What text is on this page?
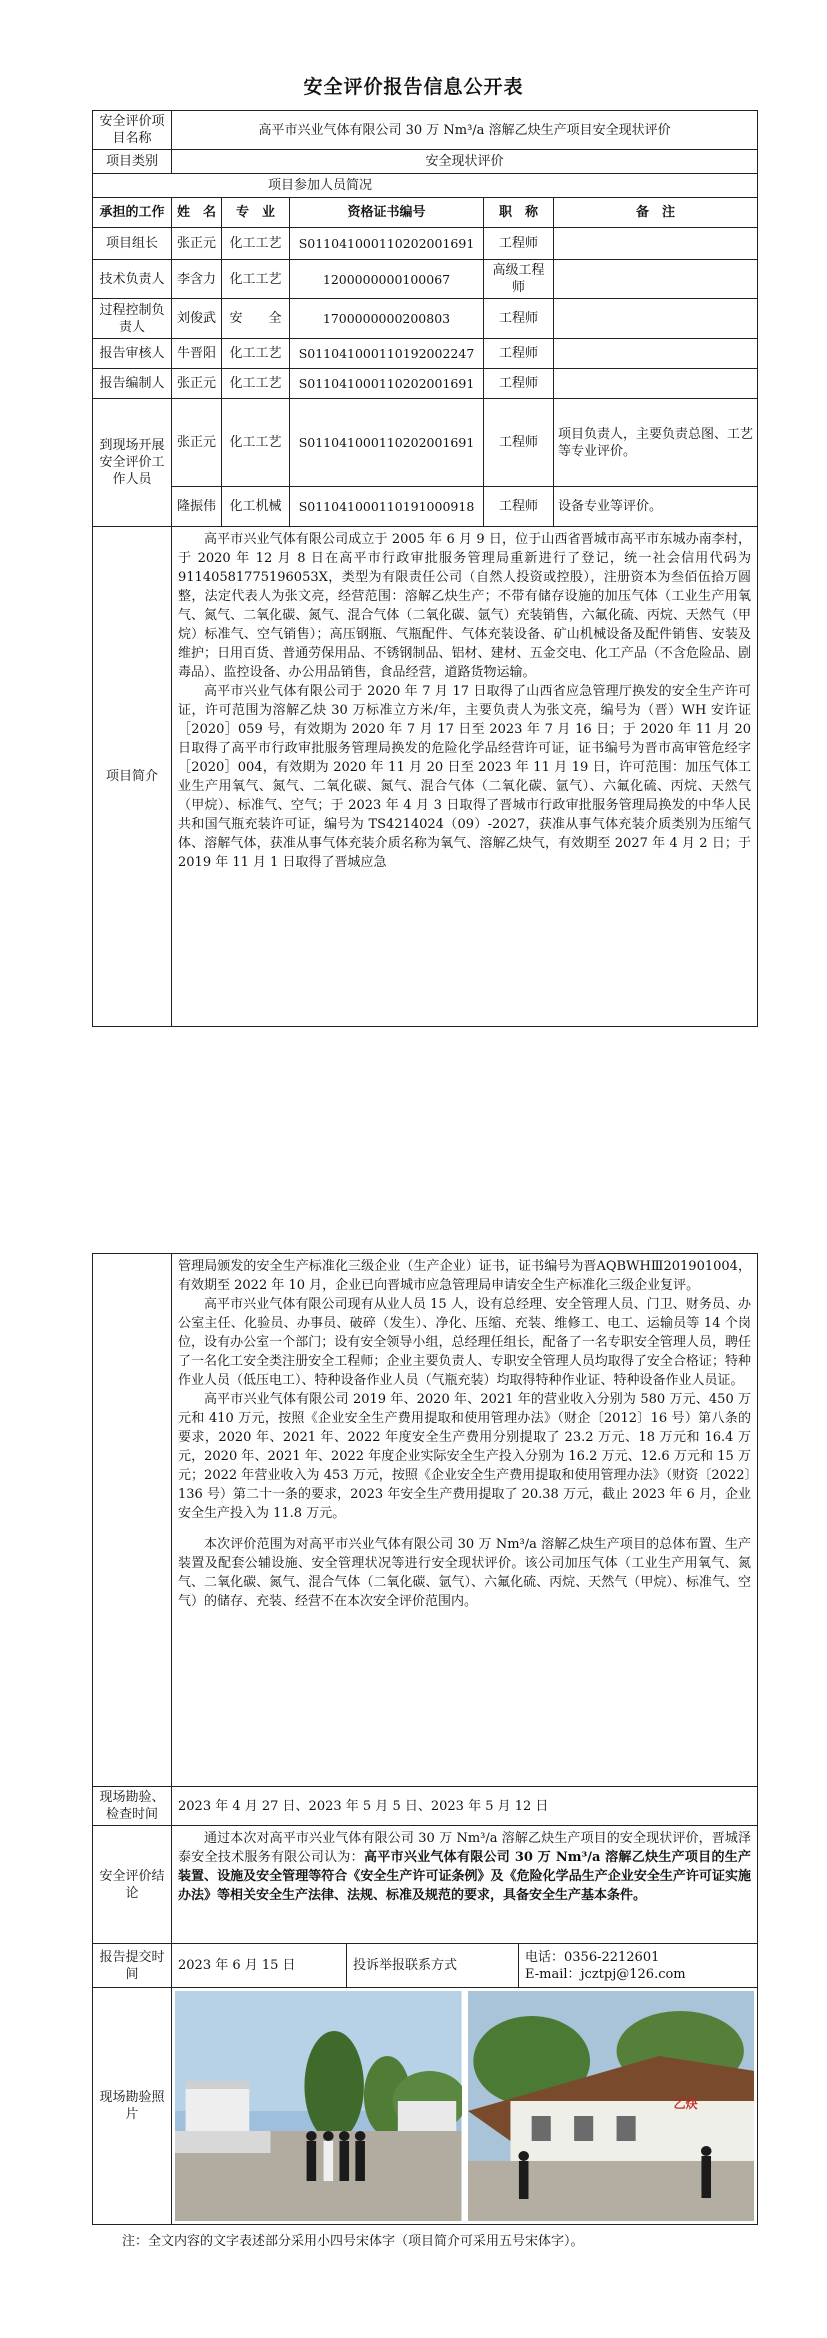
安全评价报告信息公开表
安全评价项目名称	高平市兴业气体有限公司 30 万 Nm³/a 溶解乙炔生产项目安全现状评价				
项目类别	安全现状评价				
项目参加人员简况					
承担的工作	姓　名	专　业	资格证书编号	职　称	备　注
项目组长	张正元	化工工艺	S011041000110202001691	工程师	
技术负责人	李含力	化工工艺	1200000000100067	高级工程师	
过程控制负责人	刘俊武	安　　全	1700000000200803	工程师	
报告审核人	牛晋阳	化工工艺	S011041000110192002247	工程师	
报告编制人	张正元	化工工艺	S011041000110202001691	工程师	
到现场开展安全评价工作人员	张正元	化工工艺	S011041000110202001691	工程师	项目负责人，主要负责总图、工艺等专业评价。
	隆振伟	化工机械	S011041000110191000918	工程师	设备专业等评价。
项目简介	高平市兴业气体有限公司成立于 2005 年 6 月 9 日，位于山西省晋城市高平市东城办南李村，于 2020 年 12 月 8 日在高平市行政审批服务管理局重新进行了登记，统一社会信用代码为 91140581775196053X，类型为有限责任公司（自然人投资或控股），注册资本为叁佰伍拾万圆整，法定代表人为张文亮，经营范围：溶解乙炔生产；不带有储存设施的加压气体（工业生产用氧气、氮气、二氧化碳、氮气、混合气体（二氧化碳、氩气）充装销售，六氟化硫、丙烷、天然气（甲烷）标准气、空气销售）；高压钢瓶、气瓶配件、气体充装设备、矿山机械设备及配件销售、安装及维护；日用百货、普通劳保用品、不锈钢制品、铝材、建材、五金交电、化工产品（不含危险品、剧毒品）、监控设备、办公用品销售，食品经营，道路货物运输。

高平市兴业气体有限公司于 2020 年 7 月 17 日取得了山西省应急管理厅换发的安全生产许可证，许可范围为溶解乙炔 30 万标准立方米/年，主要负责人为张文亮，编号为（晋）WH 安许证［2020］059 号，有效期为 2020 年 7 月 17 日至 2023 年 7 月 16 日；于 2020 年 11 月 20 日取得了高平市行政审批服务管理局换发的危险化学品经营许可证，证书编号为晋市高审管危经字［2020］004，有效期为 2020 年 11 月 20 日至 2023 年 11 月 19 日，许可范围：加压气体工业生产用氧气、氮气、二氧化碳、氮气、混合气体（二氧化碳、氩气）、六氟化硫、丙烷、天然气（甲烷）、标准气、空气；于 2023 年 4 月 3 日取得了晋城市行政审批服务管理局换发的中华人民共和国气瓶充装许可证，编号为 TS4214024（09）-2027，获准从事气体充装介质类别为压缩气体、溶解气体，获准从事气体充装介质名称为氧气、溶解乙炔气，有效期至 2027 年 4 月 2 日；于 2019 年 11 月 1 日取得了晋城应急				

	管理局颁发的安全生产标准化三级企业（生产企业）证书，证书编号为晋AQBWHⅢ201901004，有效期至 2022 年 10 月，企业已向晋城市应急管理局申请安全生产标准化三级企业复评。

高平市兴业气体有限公司现有从业人员 15 人，设有总经理、安全管理人员、门卫、财务员、办公室主任、化验员、办事员、破碎（发生）、净化、压缩、充装、维修工、电工、运输员等 14 个岗位，设有办公室一个部门；设有安全领导小组，总经理任组长，配备了一名专职安全管理人员，聘任了一名化工安全类注册安全工程师；企业主要负责人、专职安全管理人员均取得了安全合格证；特种作业人员（低压电工）、特种设备作业人员（气瓶充装）均取得特种作业证、特种设备作业人员证。

高平市兴业气体有限公司 2019 年、2020 年、2021 年的营业收入分别为 580 万元、450 万元和 410 万元，按照《企业安全生产费用提取和使用管理办法》（财企〔2012〕16 号）第八条的要求，2020 年、2021 年、2022 年度安全生产费用分别提取了 23.2 万元、18 万元和 16.4 万元，2020 年、2021 年、2022 年度企业实际安全生产投入分别为 16.2 万元、12.6 万元和 15 万元；2022 年营业收入为 453 万元，按照《企业安全生产费用提取和使用管理办法》（财资〔2022〕136 号）第二十一条的要求，2023 年安全生产费用提取了 20.38 万元，截止 2023 年 6 月，企业安全生产投入为 11.8 万元。

本次评价范围为对高平市兴业气体有限公司 30 万 Nm³/a 溶解乙炔生产项目的总体布置、生产装置及配套公辅设施、安全管理状况等进行安全现状评价。该公司加压气体（工业生产用氧气、氮气、二氧化碳、氮气、混合气体（二氧化碳、氩气）、六氟化硫、丙烷、天然气（甲烷）、标准气、空气）的储存、充装、经营不在本次安全评价范围内。		

现场勘验、检查时间	2023 年 4 月 27 日、2023 年 5 月 5 日、2023 年 5 月 12 日		
安全评价结论	通过本次对高平市兴业气体有限公司 30 万 Nm³/a 溶解乙炔生产项目的安全现状评价，晋城泽泰安全技术服务有限公司认为：高平市兴业气体有限公司 30 万 Nm³/a 溶解乙炔生产项目的生产装置、设施及安全管理等符合《安全生产许可证条例》及《危险化学品生产企业安全生产许可证实施办法》等相关安全生产法律、法规、标准及规范的要求，具备安全生产基本条件。		

报告提交时间	2023 年 6 月 15 日	投诉举报联系方式	电话：0356-2212601
E-mail：jcztpj@126.com

现场勘验照片	乙炔		
注：全文内容的文字表述部分采用小四号宋体字（项目简介可采用五号宋体字）。
